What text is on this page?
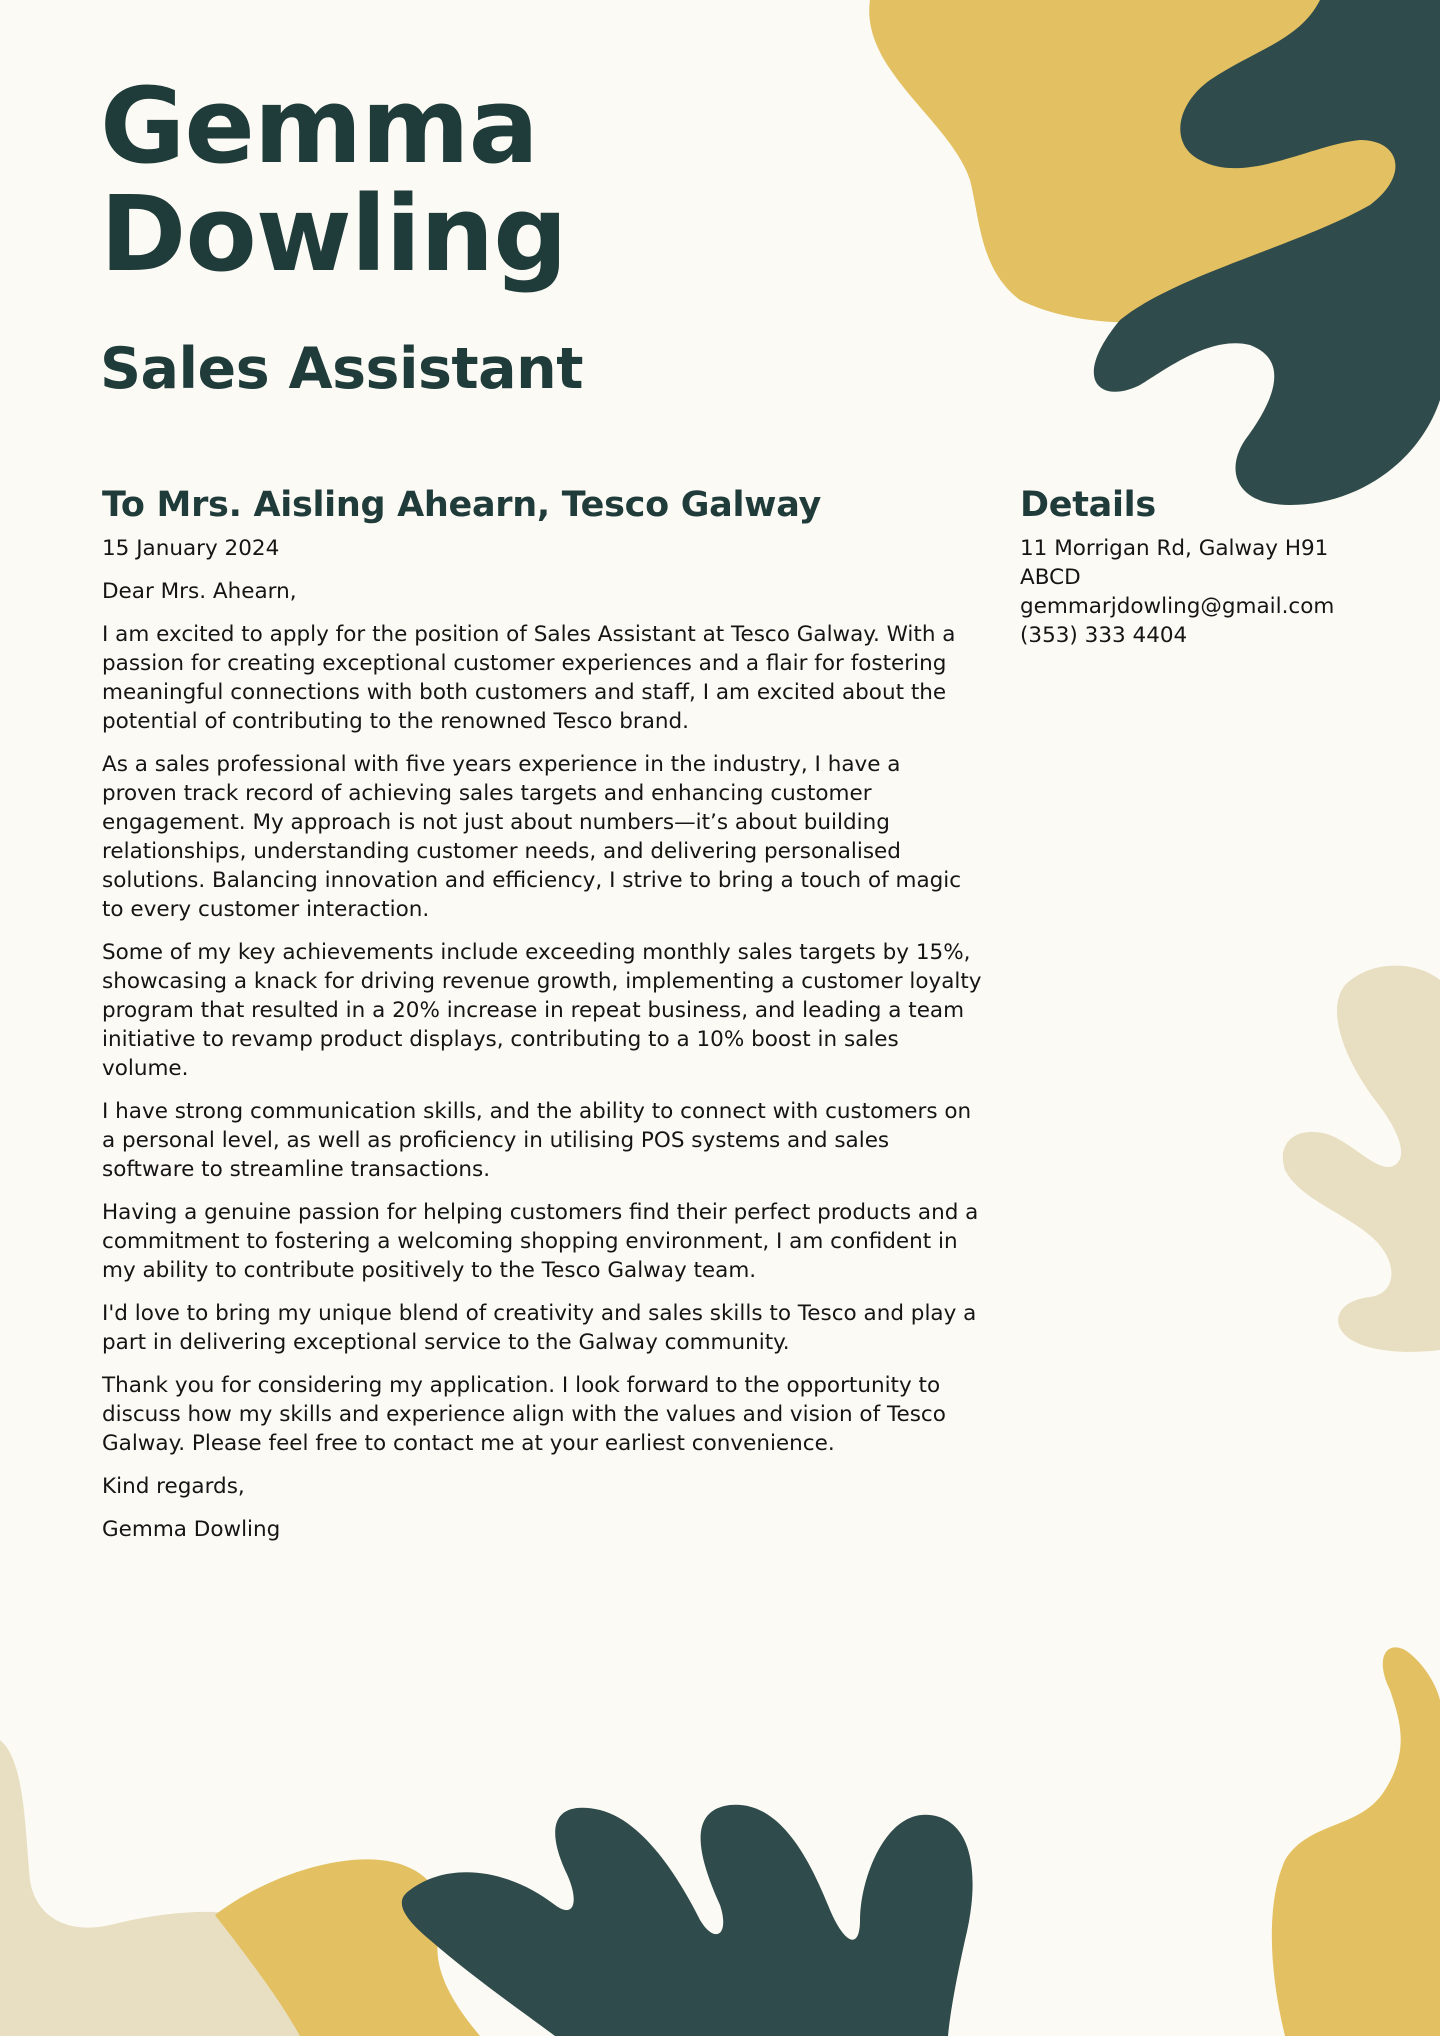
Gemma
Dowling
Sales Assistant
To Mrs. Aisling Ahearn, Tesco Galway

15 January 2024

Dear Mrs. Ahearn,

I am excited to apply for the position of Sales Assistant at Tesco Galway. With a passion for creating exceptional customer experiences and a flair for fostering meaningful connections with both customers and staff, I am excited about the potential of contributing to the renowned Tesco brand.

As a sales professional with five years experience in the industry, I have a proven track record of achieving sales targets and enhancing customer engagement. My approach is not just about numbers—it’s about building relationships, understanding customer needs, and delivering personalised solutions. Balancing innovation and efficiency, I strive to bring a touch of magic to every customer interaction.

Some of my key achievements include exceeding monthly sales targets by 15%, showcasing a knack for driving revenue growth, implementing a customer loyalty program that resulted in a 20% increase in repeat business, and leading a team initiative to revamp product displays, contributing to a 10% boost in sales volume.

I have strong communication skills, and the ability to connect with customers on a personal level, as well as proficiency in utilising POS systems and sales software to streamline transactions.

Having a genuine passion for helping customers find their perfect products and a commitment to fostering a welcoming shopping environment, I am confident in my ability to contribute positively to the Tesco Galway team.

I'd love to bring my unique blend of creativity and sales skills to Tesco and play a part in delivering exceptional service to the Galway community.

Thank you for considering my application. I look forward to the opportunity to discuss how my skills and experience align with the values and vision of Tesco Galway. Please feel free to contact me at your earliest convenience.

Kind regards,

Gemma Dowling

Details

11 Morrigan Rd, Galway H91 ABCD

gemmarjdowling@gmail.com

(353) 333 4404
